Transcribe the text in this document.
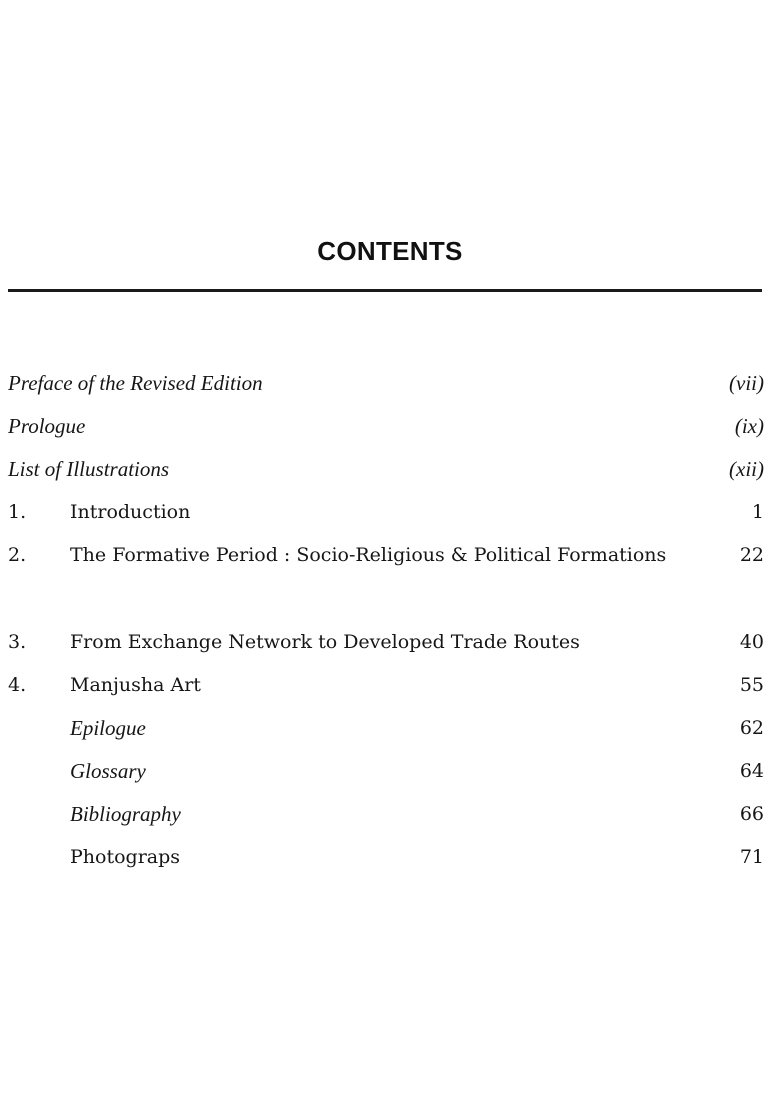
CONTENTS
Preface of the Revised Edition	(vii)
Prologue	(ix)
List of Illustrations	(xii)
1. Introduction	1
2. The Formative Period : Socio-Religious & Political Formations	22
3. From Exchange Network to Developed Trade Routes	40
4. Manjusha Art	55
Epilogue	62
Glossary	64
Bibliography	66
Photograps	71
